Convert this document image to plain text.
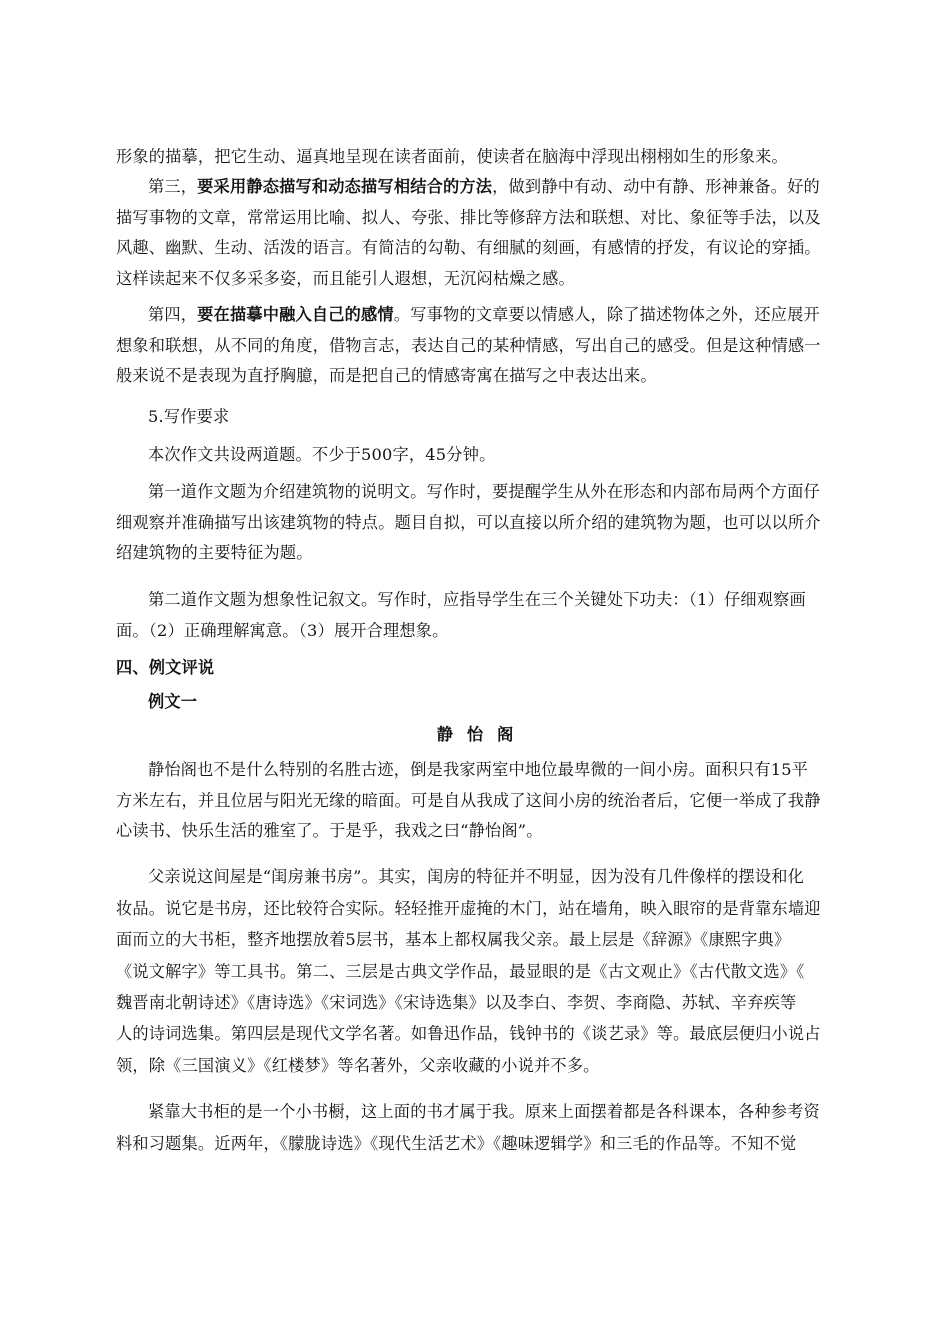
形象的描摹，把它生动、逼真地呈现在读者面前，使读者在脑海中浮现出栩栩如生的形象来。
第三，要采用静态描写和动态描写相结合的方法，做到静中有动、动中有静、形神兼备。好的
描写事物的文章，常常运用比喻、拟人、夸张、排比等修辞方法和联想、对比、象征等手法，以及
风趣、幽默、生动、活泼的语言。有简洁的勾勒、有细腻的刻画，有感情的抒发，有议论的穿插。
这样读起来不仅多采多姿，而且能引人遐想，无沉闷枯燥之感。
第四，要在描摹中融入自己的感情。写事物的文章要以情感人，除了描述物体之外，还应展开
想象和联想，从不同的角度，借物言志，表达自己的某种情感，写出自己的感受。但是这种情感一
般来说不是表现为直抒胸臆，而是把自己的情感寄寓在描写之中表达出来。
5.写作要求
本次作文共设两道题。不少于500字，45分钟。
第一道作文题为介绍建筑物的说明文。写作时，要提醒学生从外在形态和内部布局两个方面仔
细观察并准确描写出该建筑物的特点。题目自拟，可以直接以所介绍的建筑物为题，也可以以所介
绍建筑物的主要特征为题。
第二道作文题为想象性记叙文。写作时，应指导学生在三个关键处下功夫：（1）仔细观察画
面。（2）正确理解寓意。（3）展开合理想象。
四、例文评说
例文一
静怡阁
静怡阁也不是什么特别的名胜古迹，倒是我家两室中地位最卑微的一间小房。面积只有15平
方米左右，并且位居与阳光无缘的暗面。可是自从我成了这间小房的统治者后，它便一举成了我静
心读书、快乐生活的雅室了。于是乎，我戏之曰“静怡阁”。
父亲说这间屋是“闺房兼书房”。其实，闺房的特征并不明显，因为没有几件像样的摆设和化
妆品。说它是书房，还比较符合实际。轻轻推开虚掩的木门，站在墙角，映入眼帘的是背靠东墙迎
面而立的大书柜，整齐地摆放着5层书，基本上都权属我父亲。最上层是《辞源》《康熙字典》
《说文解字》等工具书。第二、三层是古典文学作品，最显眼的是《古文观止》《古代散文选》《
魏晋南北朝诗述》《唐诗选》《宋词选》《宋诗选集》以及李白、李贺、李商隐、苏轼、辛弃疾等
人的诗词选集。第四层是现代文学名著。如鲁迅作品，钱钟书的《谈艺录》等。最底层便归小说占
领，除《三国演义》《红楼梦》等名著外，父亲收藏的小说并不多。
紧靠大书柜的是一个小书橱，这上面的书才属于我。原来上面摆着都是各科课本，各种参考资
料和习题集。近两年，《朦胧诗选》《现代生活艺术》《趣味逻辑学》和三毛的作品等。不知不觉
